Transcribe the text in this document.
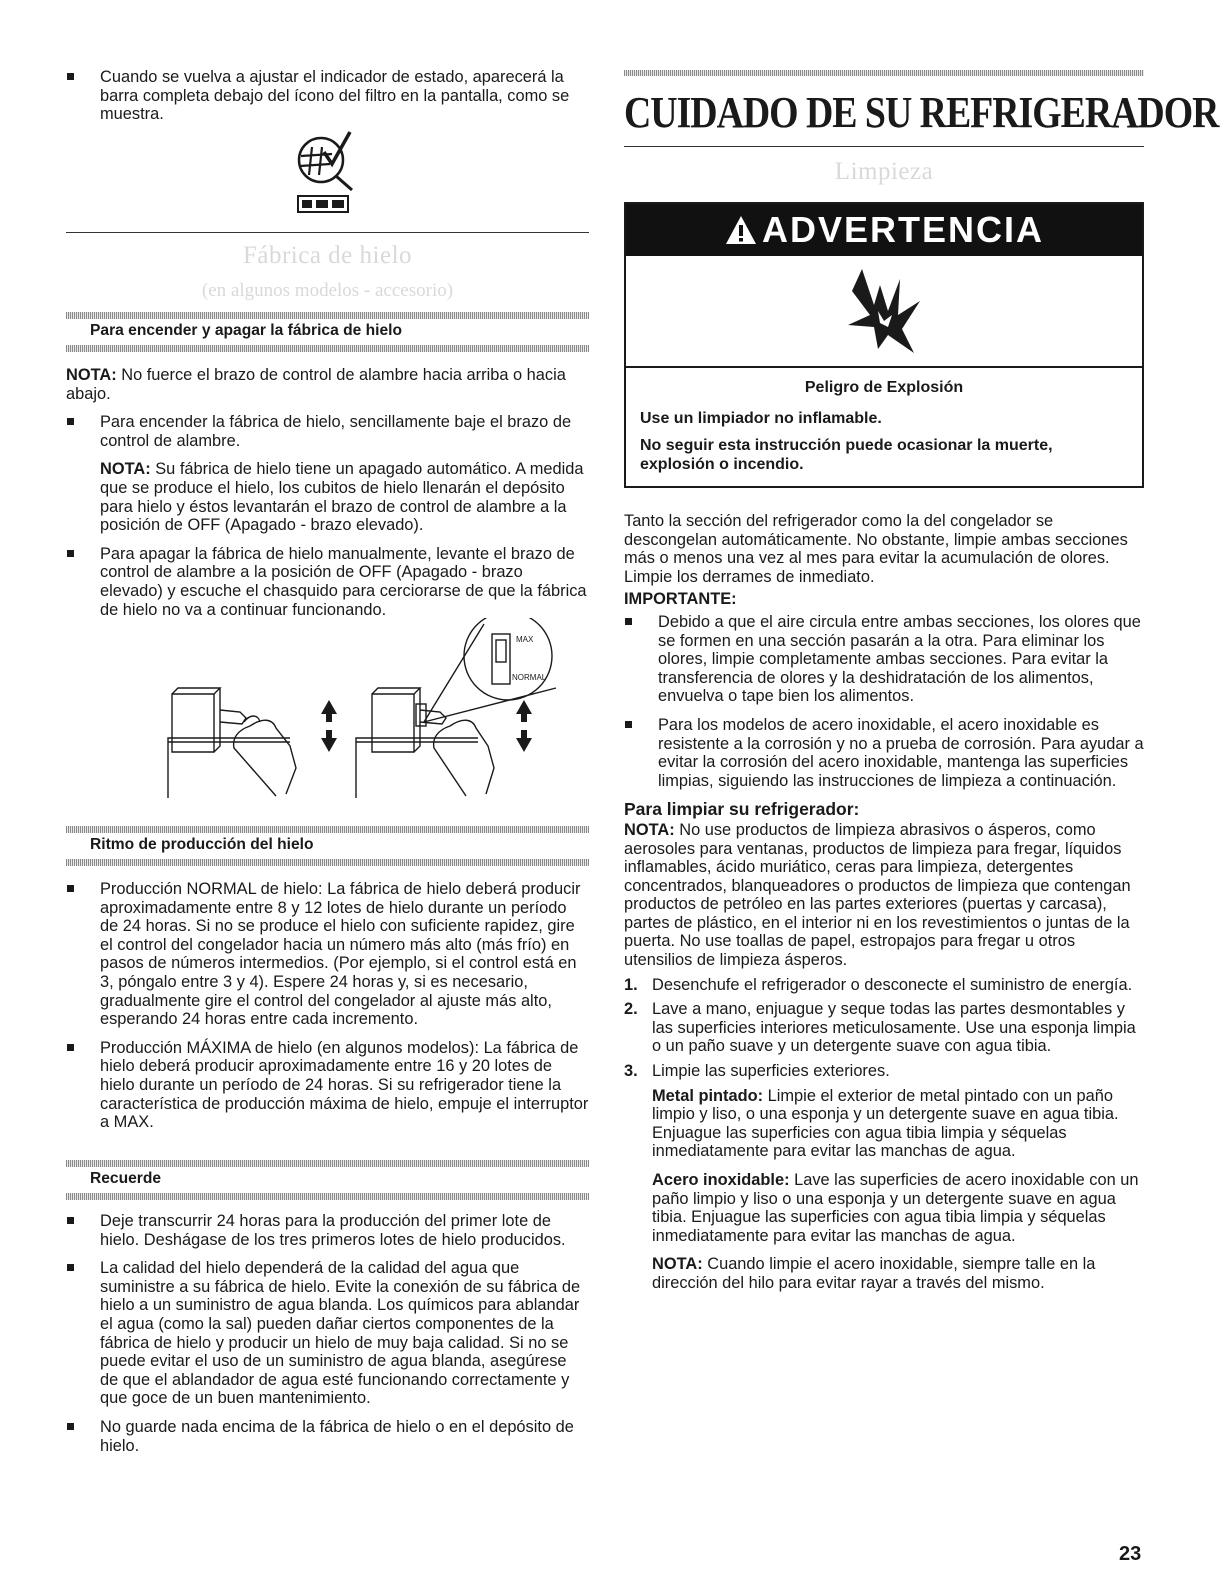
Cuando se vuelva a ajustar el indicador de estado, aparecerá la barra completa debajo del ícono del filtro en la pantalla, como se muestra.
Fábrica de hielo
(en algunos modelos - accesorio)
Para encender y apagar la fábrica de hielo

NOTA: No fuerce el brazo de control de alambre hacia arriba o hacia abajo.

Para encender la fábrica de hielo, sencillamente baje el brazo de control de alambre.

NOTA: Su fábrica de hielo tiene un apagado automático. A medida que se produce el hielo, los cubitos de hielo llenarán el depósito para hielo y éstos levantarán el brazo de control de alambre a la posición de OFF (Apagado - brazo elevado).

Para apagar la fábrica de hielo manualmente, levante el brazo de control de alambre a la posición de OFF (Apagado - brazo elevado) y escuche el chasquido para cerciorarse de que la fábrica de hielo no va a continuar funcionando.
MAX
NORMAL
Ritmo de producción del hielo
Producción NORMAL de hielo: La fábrica de hielo deberá producir aproximadamente entre 8 y 12 lotes de hielo durante un período de 24 horas. Si no se produce el hielo con suficiente rapidez, gire el control del congelador hacia un número más alto (más frío) en pasos de números intermedios. (Por ejemplo, si el control está en 3, póngalo entre 3 y 4). Espere 24 horas y, si es necesario, gradualmente gire el control del congelador al ajuste más alto, esperando 24 horas entre cada incremento.
Producción MÁXIMA de hielo (en algunos modelos): La fábrica de hielo deberá producir aproximadamente entre 16 y 20 lotes de hielo durante un período de 24 horas. Si su refrigerador tiene la característica de producción máxima de hielo, empuje el interruptor a MAX.
Recuerde
Deje transcurrir 24 horas para la producción del primer lote de hielo. Deshágase de los tres primeros lotes de hielo producidos.
La calidad del hielo dependerá de la calidad del agua que suministre a su fábrica de hielo. Evite la conexión de su fábrica de hielo a un suministro de agua blanda. Los químicos para ablandar el agua (como la sal) pueden dañar ciertos componentes de la fábrica de hielo y producir un hielo de muy baja calidad. Si no se puede evitar el uso de un suministro de agua blanda, asegúrese de que el ablandador de agua esté funcionando correctamente y que goce de un buen mantenimiento.
No guarde nada encima de la fábrica de hielo o en el depósito de hielo.
CUIDADO DE SU REFRIGERADOR
Limpieza
ADVERTENCIA

Peligro de Explosión

Use un limpiador no inflamable.

No seguir esta instrucción puede ocasionar la muerte, explosión o incendio.

Tanto la sección del refrigerador como la del congelador se descongelan automáticamente. No obstante, limpie ambas secciones más o menos una vez al mes para evitar la acumulación de olores. Limpie los derrames de inmediato.

IMPORTANTE:

Debido a que el aire circula entre ambas secciones, los olores que se formen en una sección pasarán a la otra. Para eliminar los olores, limpie completamente ambas secciones. Para evitar la transferencia de olores y la deshidratación de los alimentos, envuelva o tape bien los alimentos.
Para los modelos de acero inoxidable, el acero inoxidable es resistente a la corrosión y no a prueba de corrosión. Para ayudar a evitar la corrosión del acero inoxidable, mantenga las superficies limpias, siguiendo las instrucciones de limpieza a continuación.

Para limpiar su refrigerador:

NOTA: No use productos de limpieza abrasivos o ásperos, como aerosoles para ventanas, productos de limpieza para fregar, líquidos inflamables, ácido muriático, ceras para limpieza, detergentes concentrados, blanqueadores o productos de limpieza que contengan productos de petróleo en las partes exteriores (puertas y carcasa), partes de plástico, en el interior ni en los revestimientos o juntas de la puerta. No use toallas de papel, estropajos para fregar u otros utensilios de limpieza ásperos.

1. Desenchufe el refrigerador o desconecte el suministro de energía.
2. Lave a mano, enjuague y seque todas las partes desmontables y las superficies interiores meticulosamente. Use una esponja limpia o un paño suave y un detergente suave con agua tibia.
3. Limpie las superficies exteriores.

Metal pintado: Limpie el exterior de metal pintado con un paño limpio y liso, o una esponja y un detergente suave en agua tibia. Enjuague las superficies con agua tibia limpia y séquelas inmediatamente para evitar las manchas de agua.

Acero inoxidable: Lave las superficies de acero inoxidable con un paño limpio y liso o una esponja y un detergente suave en agua tibia. Enjuague las superficies con agua tibia limpia y séquelas inmediatamente para evitar las manchas de agua.

NOTA: Cuando limpie el acero inoxidable, siempre talle en la dirección del hilo para evitar rayar a través del mismo.

23
